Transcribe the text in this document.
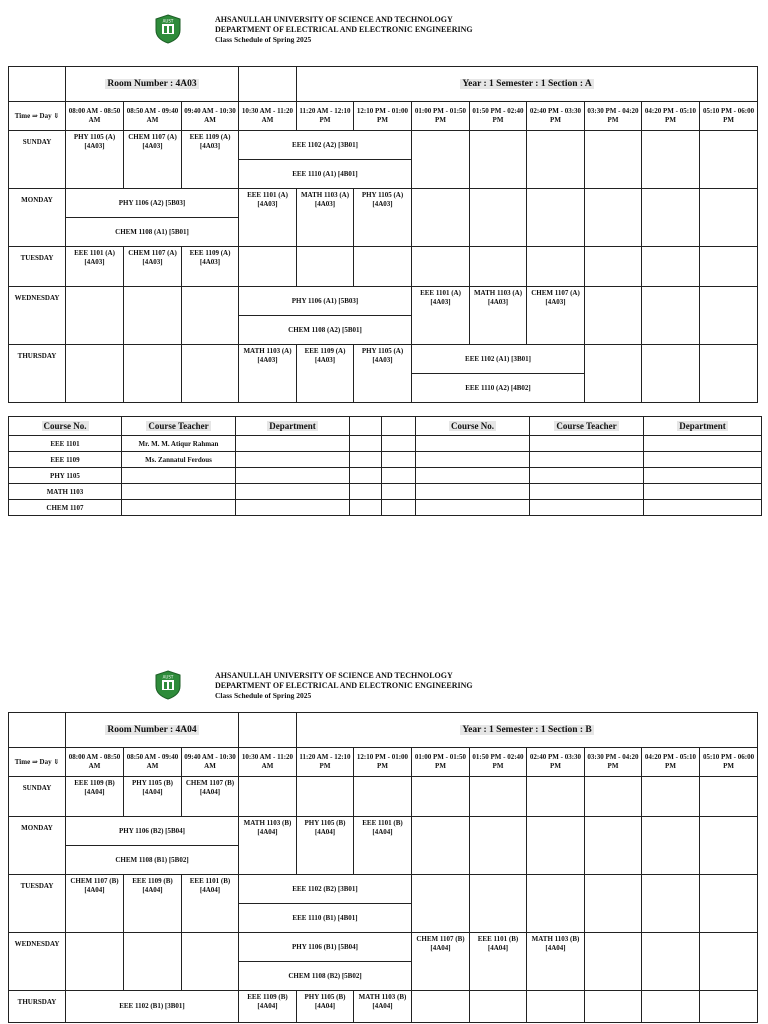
AUST	AHSANULLAH UNIVERSITY OF SCIENCE AND TECHNOLOGY
DEPARTMENT OF ELECTRICAL AND ELECTRONIC ENGINEERING
Class Schedule of Spring 2025
	Room Number : 4A03				Year : 1 Semester : 1 Section : A							
Time ⇒ Day ⇓	08:00 AM - 08:50 AM	08:50 AM - 09:40 AM	09:40 AM - 10:30 AM	10:30 AM - 11:20 AM	11:20 AM - 12:10 PM	12:10 PM - 01:00 PM	01:00 PM - 01:50 PM	01:50 PM - 02:40 PM	02:40 PM - 03:30 PM	03:30 PM - 04:20 PM	04:20 PM - 05:10 PM	05:10 PM - 06:00 PM
SUNDAY	PHY 1105 (A) [4A03]	CHEM 1107 (A) [4A03]	EEE 1109 (A) [4A03]	EEE 1102 (A2) [3B01]								
				EEE 1110 (A1) [4B01]								
MONDAY	PHY 1106 (A2) [5B03]			EEE 1101 (A) [4A03]	MATH 1103 (A) [4A03]	PHY 1105 (A) [4A03]						
	CHEM 1108 (A1) [5B01]											
TUESDAY	EEE 1101 (A) [4A03]	CHEM 1107 (A) [4A03]	EEE 1109 (A) [4A03]									
WEDNESDAY				PHY 1106 (A1) [5B03]			EEE 1101 (A) [4A03]	MATH 1103 (A) [4A03]	CHEM 1107 (A) [4A03]			
				CHEM 1108 (A2) [5B01]								
THURSDAY				MATH 1103 (A) [4A03]	EEE 1109 (A) [4A03]	PHY 1105 (A) [4A03]	EEE 1102 (A1) [3B01]					
							EEE 1110 (A2) [4B02]					
Course No.	Course Teacher	Department			Course No.	Course Teacher	Department
EEE 1101	Mr. M. M. Atiqur Rahman						
EEE 1109	Ms. Zannatul Ferdous						
PHY 1105							
MATH 1103							
CHEM 1107							
AUST	AHSANULLAH UNIVERSITY OF SCIENCE AND TECHNOLOGY
DEPARTMENT OF ELECTRICAL AND ELECTRONIC ENGINEERING
Class Schedule of Spring 2025
	Room Number : 4A04				Year : 1 Semester : 1 Section : B							
Time ⇒ Day ⇓	08:00 AM - 08:50 AM	08:50 AM - 09:40 AM	09:40 AM - 10:30 AM	10:30 AM - 11:20 AM	11:20 AM - 12:10 PM	12:10 PM - 01:00 PM	01:00 PM - 01:50 PM	01:50 PM - 02:40 PM	02:40 PM - 03:30 PM	03:30 PM - 04:20 PM	04:20 PM - 05:10 PM	05:10 PM - 06:00 PM
SUNDAY	EEE 1109 (B) [4A04]	PHY 1105 (B) [4A04]	CHEM 1107 (B) [4A04]									
MONDAY	PHY 1106 (B2) [5B04]			MATH 1103 (B) [4A04]	PHY 1105 (B) [4A04]	EEE 1101 (B) [4A04]						
	CHEM 1108 (B1) [5B02]											
TUESDAY	CHEM 1107 (B) [4A04]	EEE 1109 (B) [4A04]	EEE 1101 (B) [4A04]	EEE 1102 (B2) [3B01]								
				EEE 1110 (B1) [4B01]								
WEDNESDAY				PHY 1106 (B1) [5B04]			CHEM 1107 (B) [4A04]	EEE 1101 (B) [4A04]	MATH 1103 (B) [4A04]			
				CHEM 1108 (B2) [5B02]								
THURSDAY	EEE 1102 (B1) [3B01]			EEE 1109 (B) [4A04]	PHY 1105 (B) [4A04]	MATH 1103 (B) [4A04]						
